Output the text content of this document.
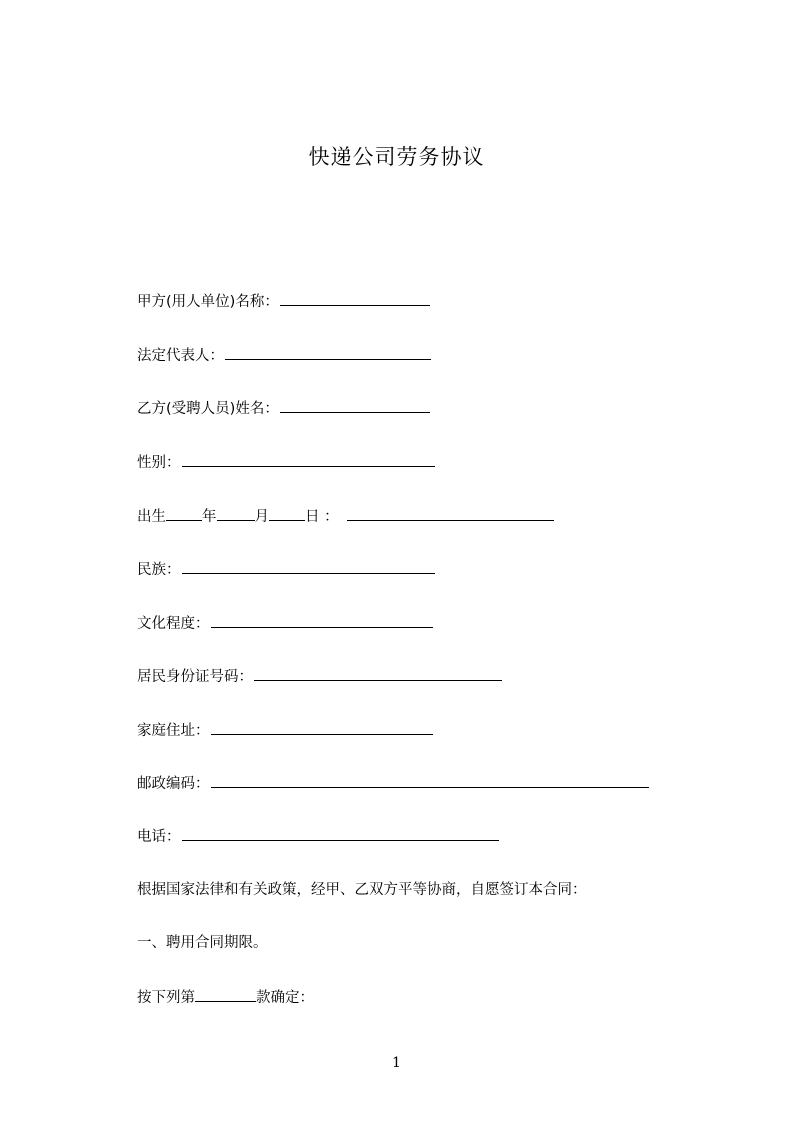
快递公司劳务协议
甲方(用人单位)名称：
法定代表人：
乙方(受聘人员)姓名：
性别：
出生 年	月 日 ：
民族：
文化程度：
居民身份证号码：
家庭住址：
邮政编码：
电话：
根据国家法律和有关政策，经甲、乙双方平等协商，自愿签订本合同：
一、聘用合同期限。
按下列第	款确定：
1
